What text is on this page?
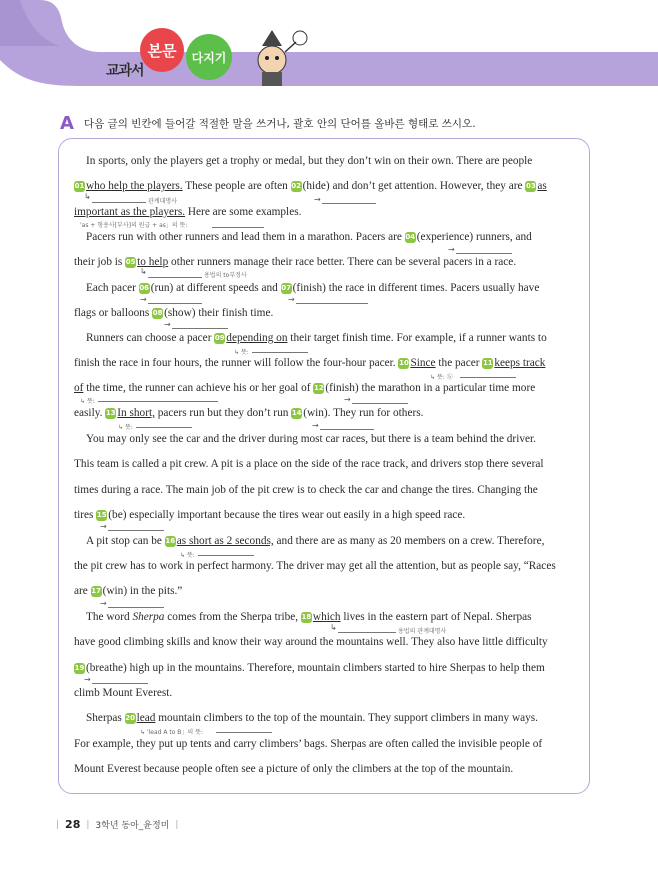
교과서
본문	다지기
A 다음 글의 빈칸에 들어갈 적절한 말을 쓰거나, 괄호 안의 단어를 올바른 형태로 쓰시오.
In sports, only the players get a trophy or medal, but they don’t win on their own. There are people
01 who help the players. These people are often 02 (hide) and don’t get attention. However, they are 03 as
↳
관계대명사	→
important as the players. Here are some examples.
'as + 형용사[부사]의 원급 + as」의 뜻:
Pacers run with other runners and lead them in a marathon. Pacers are 04 (experience) runners, and
→
their job is 05 to help other runners manage their race better. There can be several pacers in a race.
↳	용법의 to부정사
Each pacer 06 (run) at different speeds and 07 (finish) the race in different times. Pacers usually have
→	→
flags or balloons 08 (show) their finish time.
→
Runners can choose a pacer 09 depending on their target finish time. For example, if a runner wants to
↳ 뜻:
finish the race in four hours, the runner will follow the four-hour pacer. 10 Since the pacer 11 keeps track
↳ 뜻: ⓑ
of the time, the runner can achieve his or her goal of 12 (finish) the marathon in a particular time more
↳ 뜻:	→
easily. 13 In short, pacers run but they don’t run 14 (win). They run for others.
↳ 뜻:	→
You may only see the car and the driver during most car races, but there is a team behind the driver.
This team is called a pit crew. A pit is a place on the side of the race track, and drivers stop there several
times during a race. The main job of the pit crew is to check the car and change the tires. Changing the
tires 15 (be) especially important because the tires wear out easily in a high speed race.
→
A pit stop can be 16 as short as 2 seconds, and there are as many as 20 members on a crew. Therefore,
↳ 뜻:
the pit crew has to work in perfect harmony. The driver may get all the attention, but as people say, “Races
are 17 (win) in the pits.”
→
The word Sherpa comes from the Sherpa tribe, 18 which lives in the eastern part of Nepal. Sherpas
↳	용법의 관계대명사
have good climbing skills and know their way around the mountains well. They also have little difficulty
19 (breathe) high up in the mountains. Therefore, mountain climbers started to hire Sherpas to help them
→
climb Mount Everest.
Sherpas 20 lead mountain climbers to the top of the mountain. They support climbers in many ways.
↳ 'lead A to B」의 뜻:
For example, they put up tents and carry climbers’ bags. Sherpas are often called the invisible people of
Mount Everest because people often see a picture of only the climbers at the top of the mountain.
| 28 | 3학년 동아_윤정미 |
